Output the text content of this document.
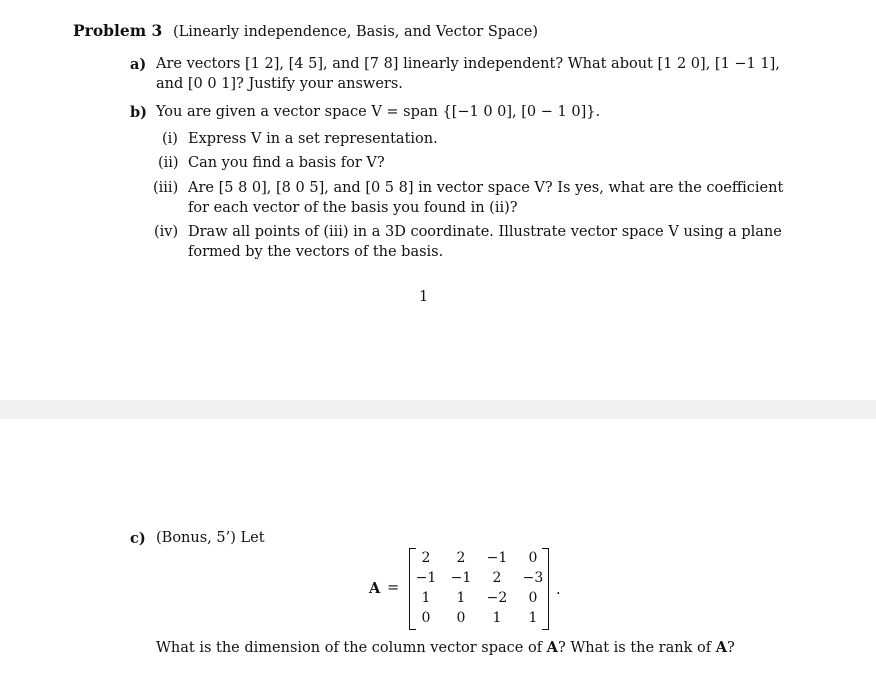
Problem 3 (Linearly independence, Basis, and Vector Space)
a) Are vectors [1 2], [4 5], and [7 8] linearly independent? What about [1 2 0], [1 −1 1],
and [0 0 1]? Justify your answers.
b) You are given a vector space V = span {[−1 0 0], [0 − 1 0]}.
(i) Express V in a set representation.
(ii) Can you find a basis for V?
(iii) Are [5 8 0], [8 0 5], and [0 5 8] in vector space V? Is yes, what are the coefficient
for each vector of the basis you found in (ii)?
(iv) Draw all points of (iii) in a 3D coordinate. Illustrate vector space V using a plane
formed by the vectors of the basis.
1
c) (Bonus, 5’) Let
A =
2	2	−1	0
−1	−1	2	−3
1	1	−2	0
0	0	1	1
.
What is the dimension of the column vector space of A? What is the rank of A?
